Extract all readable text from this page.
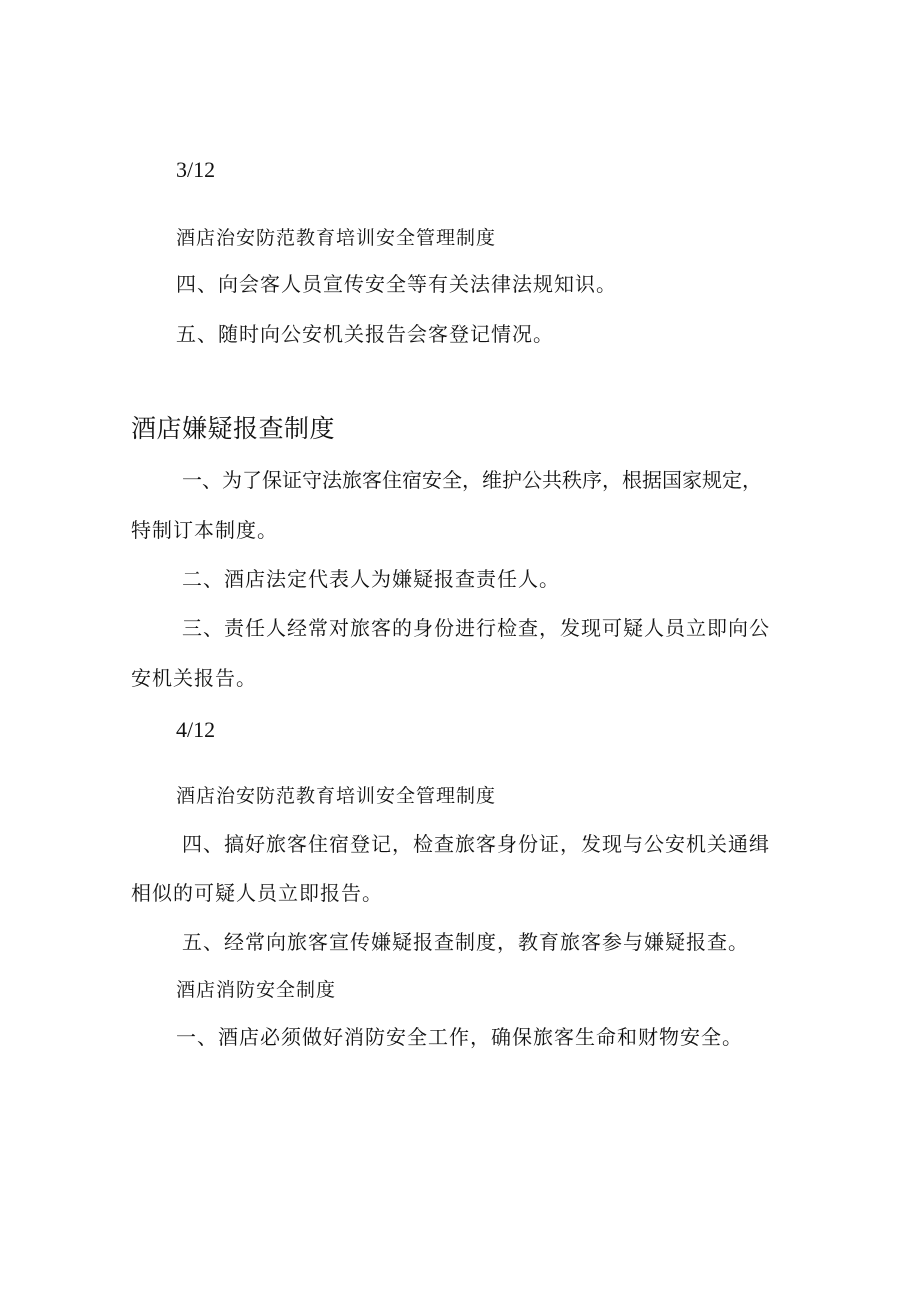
3/12
酒店治安防范教育培训安全管理制度
四、向会客人员宣传安全等有关法律法规知识。
五、随时向公安机关报告会客登记情况。
酒店嫌疑报查制度
一、为了保证守法旅客住宿安全，维护公共秩序，根据国家规定，
特制订本制度。
二、酒店法定代表人为嫌疑报查责任人。
三、责任人经常对旅客的身份进行检查，发现可疑人员立即向公
安机关报告。
4/12
酒店治安防范教育培训安全管理制度
四、搞好旅客住宿登记，检查旅客身份证，发现与公安机关通缉
相似的可疑人员立即报告。
五、经常向旅客宣传嫌疑报查制度，教育旅客参与嫌疑报查。
酒店消防安全制度
一、酒店必须做好消防安全工作，确保旅客生命和财物安全。
